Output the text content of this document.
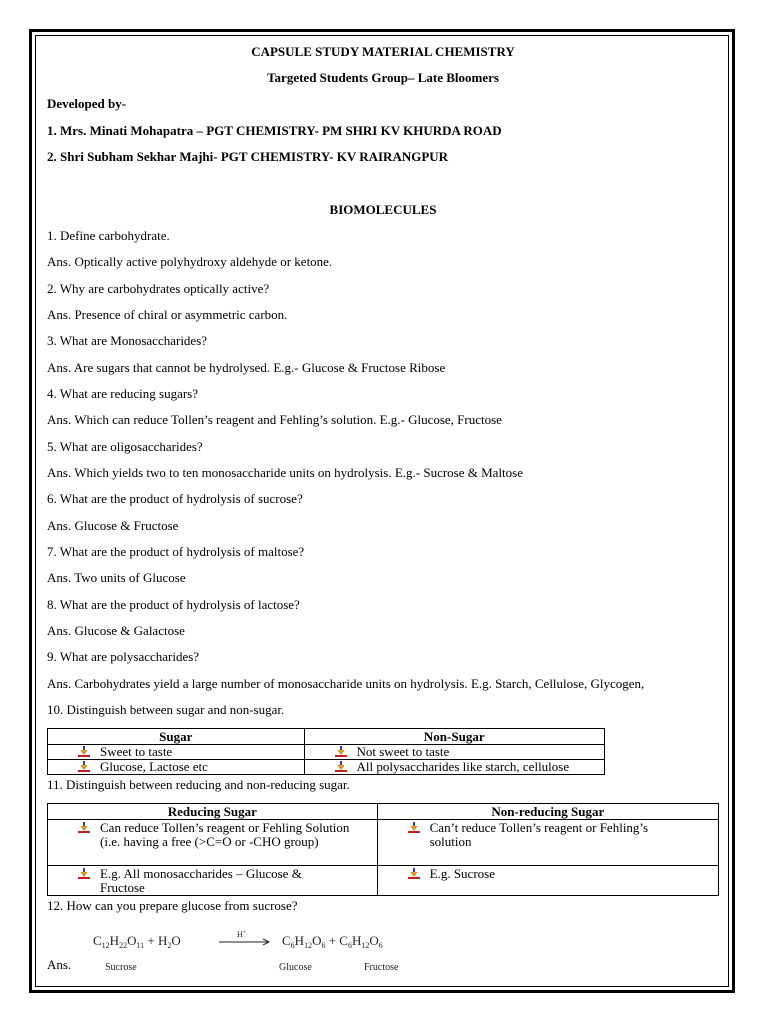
CAPSULE STUDY MATERIAL CHEMISTRY
Targeted Students Group– Late Bloomers
Developed by-
1. Mrs. Minati Mohapatra – PGT CHEMISTRY- PM SHRI KV KHURDA ROAD
2. Shri Subham Sekhar Majhi- PGT CHEMISTRY- KV RAIRANGPUR
BIOMOLECULES
1. Define carbohydrate.
Ans. Optically active polyhydroxy aldehyde or ketone.
2. Why are carbohydrates optically active?
Ans. Presence of chiral or asymmetric carbon.
3. What are Monosaccharides?
Ans. Are sugars that cannot be hydrolysed. E.g.- Glucose & Fructose Ribose
4. What are reducing sugars?
Ans. Which can reduce Tollen’s reagent and Fehling’s solution. E.g.- Glucose, Fructose
5. What are oligosaccharides?
Ans. Which yields two to ten monosaccharide units on hydrolysis. E.g.- Sucrose & Maltose
6. What are the product of hydrolysis of sucrose?
Ans. Glucose & Fructose
7. What are the product of hydrolysis of maltose?
Ans. Two units of Glucose
8. What are the product of hydrolysis of lactose?
Ans. Glucose & Galactose
9. What are polysaccharides?
Ans. Carbohydrates yield a large number of monosaccharide units on hydrolysis. E.g. Starch, Cellulose, Glycogen,
10. Distinguish between sugar and non-sugar.
Sugar	Non-Sugar

Sweet to taste	Not sweet to taste

Glucose, Lactose etc	All polysaccharides like starch, cellulose
11. Distinguish between reducing and non-reducing sugar.
Reducing Sugar	Non-reducing Sugar

Can reduce Tollen’s reagent or Fehling Solution (i.e. having a free (>C=O or -CHO group)	Can’t reduce Tollen’s reagent or Fehling’s solution

E.g. All monosaccharides – Glucose & Fructose	E.g. Sucrose
12. How can you prepare glucose from sucrose?
$C_{12}H_{22}O_{11} + H_2O$	H+	$C_6H_{12}O_6 + C_6H_{12}O_6$
Sucrose	Glucose	Fructose
Ans.
